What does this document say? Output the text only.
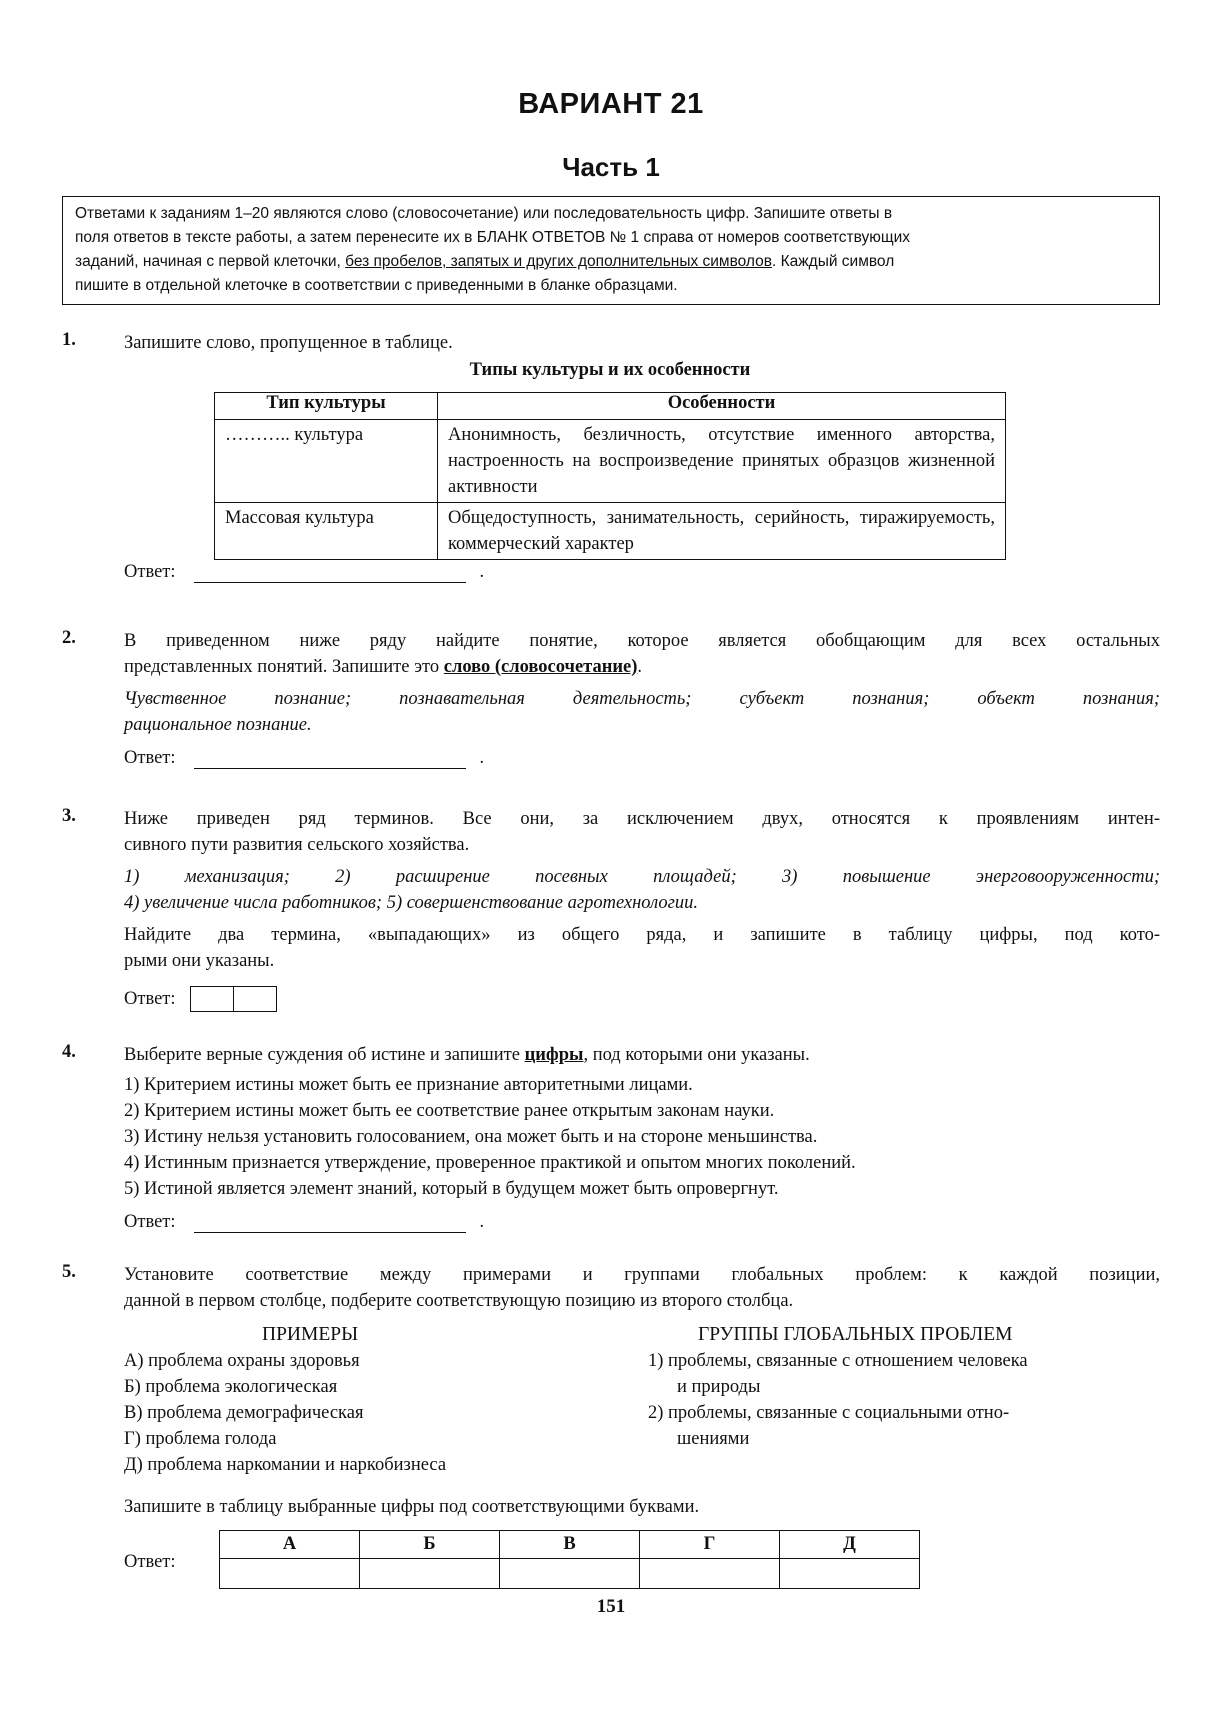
ВАРИАНТ 21
Часть 1
Ответами к заданиям 1–20 являются слово (словосочетание) или последовательность цифр. Запишите ответы в
поля ответов в тексте работы, а затем перенесите их в БЛАНК ОТВЕТОВ № 1 справа от номеров соответствующих
заданий, начиная с первой клеточки, без пробелов, запятых и других дополнительных символов. Каждый символ
пишите в отдельной клеточке в соответствии с приведенными в бланке образцами.
1.	Запишите слово, пропущенное в таблице.
Типы культуры и их особенности
Тип культуры	Особенности
……….. культура	Анонимность, безличность, отсутствие именного авторства, настроенность на воспроизведение принятых образцов жизненной активности
Массовая культура	Общедоступность, занимательность, серийность, тиражируемость, коммерческий характер
Ответ:	.
2.	В приведенном ниже ряду найдите понятие, которое является обобщающим для всех остальных
представленных понятий. Запишите это слово (словосочетание).
Чувственное познание; познавательная деятельность; субъект познания; объект познания;
рациональное познание.
Ответ:	.
3.	Ниже приведен ряд терминов. Все они, за исключением двух, относятся к проявлениям интен-
сивного пути развития сельского хозяйства.
1) механизация; 2) расширение посевных площадей; 3) повышение энерговооруженности;
4) увеличение числа работников; 5) совершенствование агротехнологии.
Найдите два термина, «выпадающих» из общего ряда, и запишите в таблицу цифры, под кото-
рыми они указаны.
Ответ:
4.	Выберите верные суждения об истине и запишите цифры, под которыми они указаны.
1) Критерием истины может быть ее признание авторитетными лицами.
2) Критерием истины может быть ее соответствие ранее открытым законам науки.
3) Истину нельзя установить голосованием, она может быть и на стороне меньшинства.
4) Истинным признается утверждение, проверенное практикой и опытом многих поколений.
5) Истиной является элемент знаний, который в будущем может быть опровергнут.
Ответ:	.
5.	Установите соответствие между примерами и группами глобальных проблем: к каждой позиции,
данной в первом столбце, подберите соответствующую позицию из второго столбца.
ПРИМЕРЫ	ГРУППЫ ГЛОБАЛЬНЫХ ПРОБЛЕМ
А) проблема охраны здоровья
Б) проблема экологическая
В) проблема демографическая
Г) проблема голода
Д) проблема наркомании и наркобизнеса
1) проблемы, связанные с отношением человека
и природы
2) проблемы, связанные с социальными отно-
шениями
Запишите в таблицу выбранные цифры под соответствующими буквами.
Ответ:
А	Б	В	Г	Д

151
